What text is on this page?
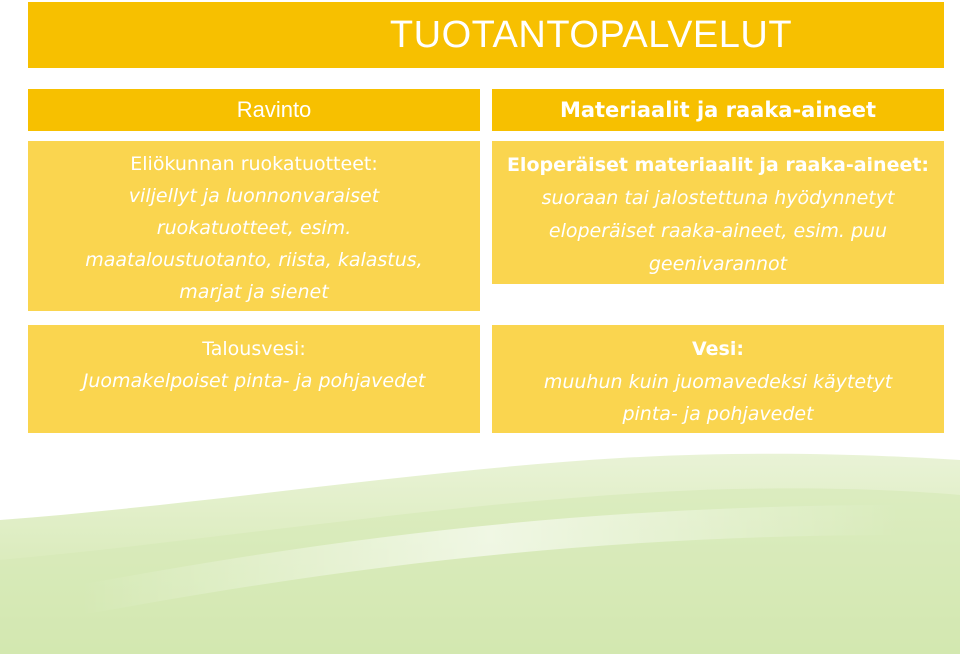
TUOTANTOPALVELUT
Ravinto	Materiaalit ja raaka-aineet
Eliökunnan ruokatuotteet:
viljellyt ja luonnonvaraiset
ruokatuotteet, esim.
maataloustuotanto, riista, kalastus,
marjat ja sienet
Eloperäiset materiaalit ja raaka-aineet:
suoraan tai jalostettuna hyödynnetyt
eloperäiset raaka-aineet, esim. puu
geenivarannot
Talousvesi:
Juomakelpoiset pinta- ja pohjavedet
Vesi:
muuhun kuin juomavedeksi käytetyt
pinta- ja pohjavedet
